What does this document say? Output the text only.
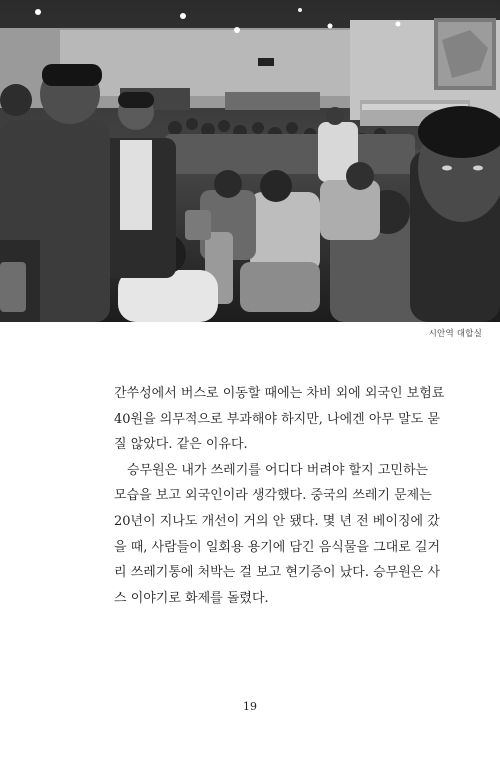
시안역 대합실
간쑤성에서 버스로 이동할 때에는 차비 외에 외국인 보험료
40원을 의무적으로 부과해야 하지만, 나에겐 아무 말도 묻
질 않았다. 같은 이유다.
승무원은 내가 쓰레기를 어디다 버려야 할지 고민하는
모습을 보고 외국인이라 생각했다. 중국의 쓰레기 문제는
20년이 지나도 개선이 거의 안 됐다. 몇 년 전 베이징에 갔
을 때, 사람들이 일회용 용기에 담긴 음식물을 그대로 길거
리 쓰레기통에 처박는 걸 보고 현기증이 났다. 승무원은 사
스 이야기로 화제를 돌렸다.
19
